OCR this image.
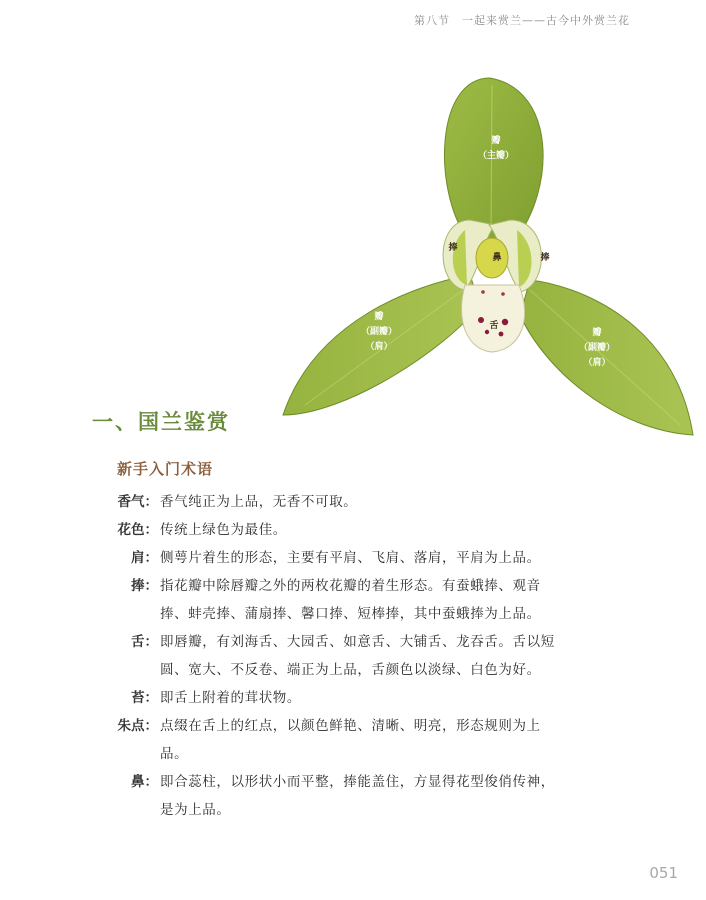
第八节　一起来赏兰——古今中外赏兰花
瓣
（主瓣）
瓣
（副瓣）
（肩）
瓣
（副瓣）
（肩）
捧
捧
鼻
舌
一、国兰鉴赏
新手入门术语
香气： 香气纯正为上品，无香不可取。
花色： 传统上绿色为最佳。
肩： 侧萼片着生的形态，主要有平肩、飞肩、落肩，平肩为上品。
捧： 指花瓣中除唇瓣之外的两枚花瓣的着生形态。有蚕蛾捧、观音捧、蚌壳捧、蒲扇捧、馨口捧、短棒捧，其中蚕蛾捧为上品。
舌： 即唇瓣，有刘海舌、大园舌、如意舌、大铺舌、龙吞舌。舌以短圆、宽大、不反卷、端正为上品，舌颜色以淡绿、白色为好。
苔： 即舌上附着的茸状物。
朱点： 点缀在舌上的红点，以颜色鲜艳、清晰、明亮，形态规则为上品。
鼻： 即合蕊柱，以形状小而平整，捧能盖住，方显得花型俊俏传神，是为上品。
051
